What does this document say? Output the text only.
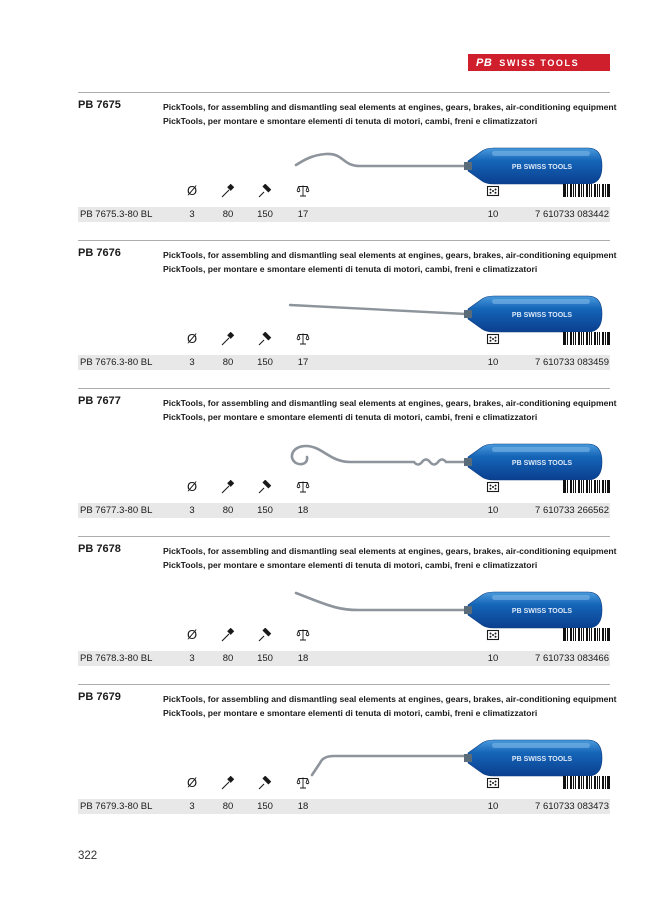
PB SWISS TOOLS
PB 7675	PickTools, for assembling and dismantling seal elements at engines, gears, brakes, air-conditioning equipment
PickTools, per montare e smontare elementi di tenuta di motori, cambi, freni e climatizzatori
PB SWISS TOOLS
Ø
PB 7675.3-80 BL	3	80	150	17	10	7 610733 083442
PB 7676	PickTools, for assembling and dismantling seal elements at engines, gears, brakes, air-conditioning equipment
PickTools, per montare e smontare elementi di tenuta di motori, cambi, freni e climatizzatori
PB SWISS TOOLS
Ø
PB 7676.3-80 BL	3	80	150	17	10	7 610733 083459
PB 7677	PickTools, for assembling and dismantling seal elements at engines, gears, brakes, air-conditioning equipment
PickTools, per montare e smontare elementi di tenuta di motori, cambi, freni e climatizzatori
PB SWISS TOOLS
Ø
PB 7677.3-80 BL	3	80	150	18	10	7 610733 266562
PB 7678	PickTools, for assembling and dismantling seal elements at engines, gears, brakes, air-conditioning equipment
PickTools, per montare e smontare elementi di tenuta di motori, cambi, freni e climatizzatori
PB SWISS TOOLS
Ø
PB 7678.3-80 BL	3	80	150	18	10	7 610733 083466
PB 7679	PickTools, for assembling and dismantling seal elements at engines, gears, brakes, air-conditioning equipment
PickTools, per montare e smontare elementi di tenuta di motori, cambi, freni e climatizzatori
PB SWISS TOOLS
Ø
PB 7679.3-80 BL	3	80	150	18	10	7 610733 083473
322
